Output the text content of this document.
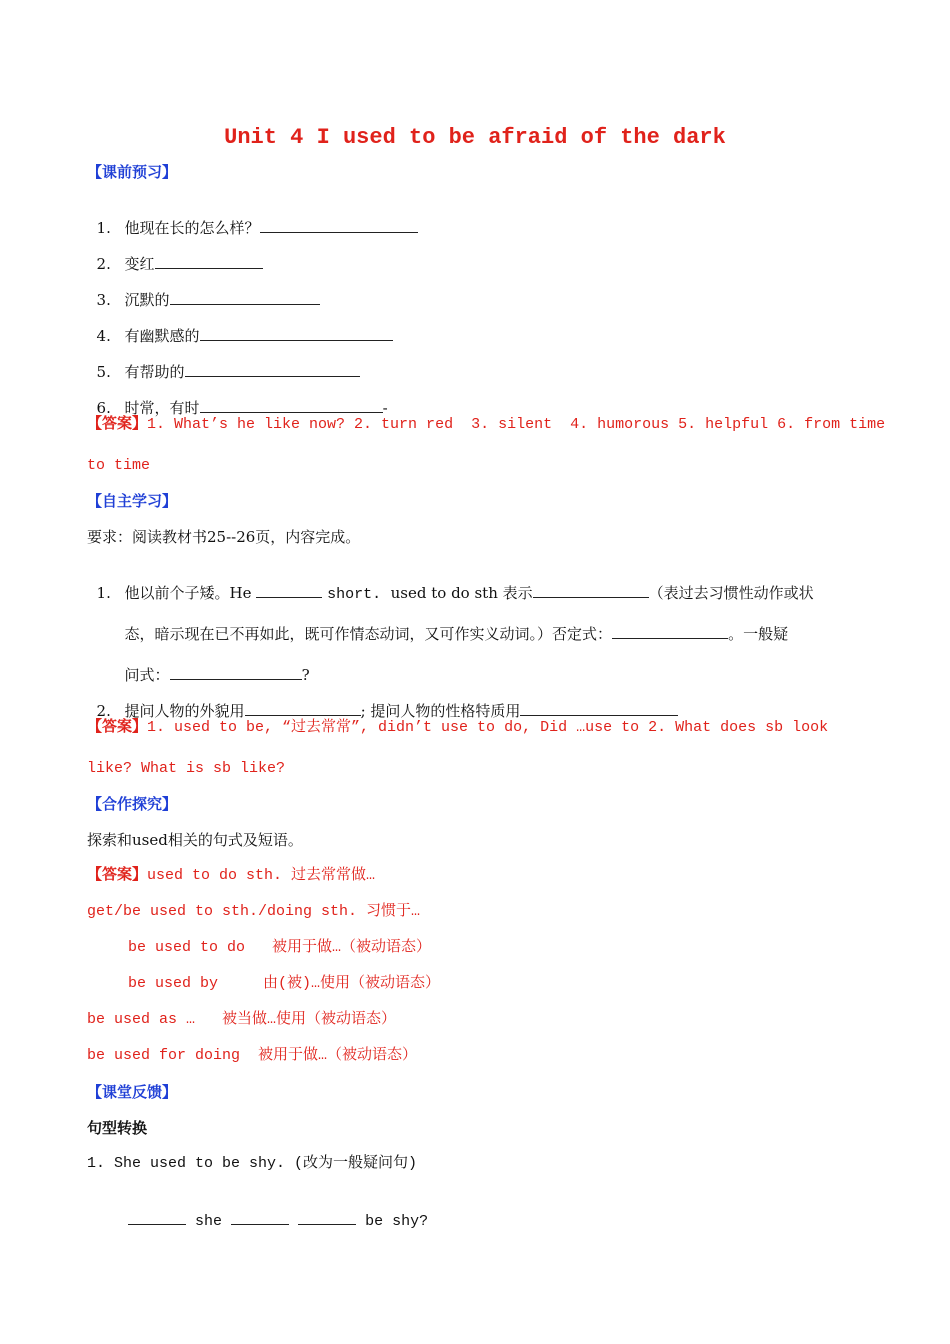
Unit 4 I used to be afraid of the dark
【课前预习】

1. 他现在长的怎么样？

2. 变红

3. 沉默的

4. 有幽默感的

5. 有帮助的

6. 时常，有时	-

【答案】1. What’s he like now? 2. turn red  3. silent  4. humorous 5. helpful 6. from time
to time
【自主学习】
要求：阅读教材书25--26页，内容完成。

1. 他以前个子矮。He	short. used to do sth 表示	（表过去习惯性动作或状

态，暗示现在已不再如此，既可作情态动词，又可作实义动词。）否定式：	。一般疑

问式：	?

2. 提问人物的外貌用	; 提问人物的性格特质用

【答案】1. used to be, “过去常常”, didn’t use to do, Did …use to 2. What does sb look
like? What is sb like?
【合作探究】
探索和used相关的句式及短语。
【答案】used to do sth. 过去常常做…
get/be used to sth./doing sth. 习惯于…
be used to do   被用于做…（被动语态）
be used by     由(被)…使用（被动语态）
be used as …   被当做…使用（被动语态）
be used for doing  被用于做…（被动语态）
【课堂反馈】
句型转换
1. She used to be shy. (改为一般疑问句)

she	be shy?
